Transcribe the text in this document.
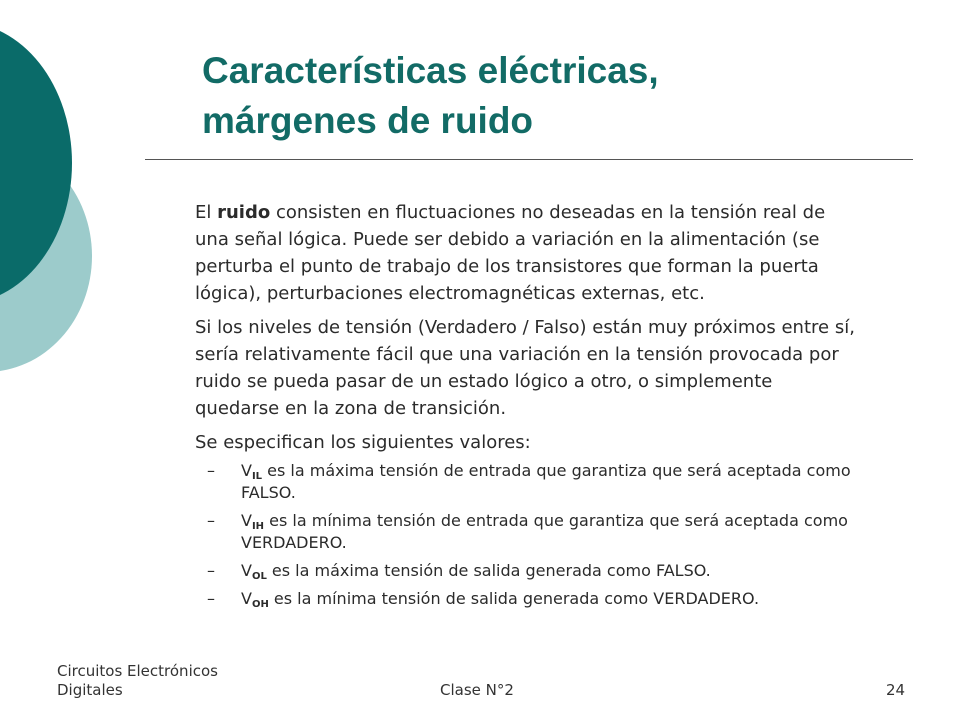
Características eléctricas,
márgenes de ruido

El ruido consisten en fluctuaciones no deseadas en la tensión real de una señal lógica. Puede ser debido a variación en la alimentación (se perturba el punto de trabajo de los transistores que forman la puerta lógica), perturbaciones electromagnéticas externas, etc.

Si los niveles de tensión (Verdadero / Falso) están muy próximos entre sí, sería relativamente fácil que una variación en la tensión provocada por ruido se pueda pasar de un estado lógico a otro, o simplemente quedarse en la zona de transición.

Se especifican los siguientes valores:

– $V_{IL}$ es la máxima tensión de entrada que garantiza que será aceptada como FALSO.
– $V_{IH}$ es la mínima tensión de entrada que garantiza que será aceptada como VERDADERO.
– $V_{OL}$ es la máxima tensión de salida generada como FALSO.
– $V_{OH}$ es la mínima tensión de salida generada como VERDADERO.
Circuitos Electrónicos
Digitales	Clase N°2	24
